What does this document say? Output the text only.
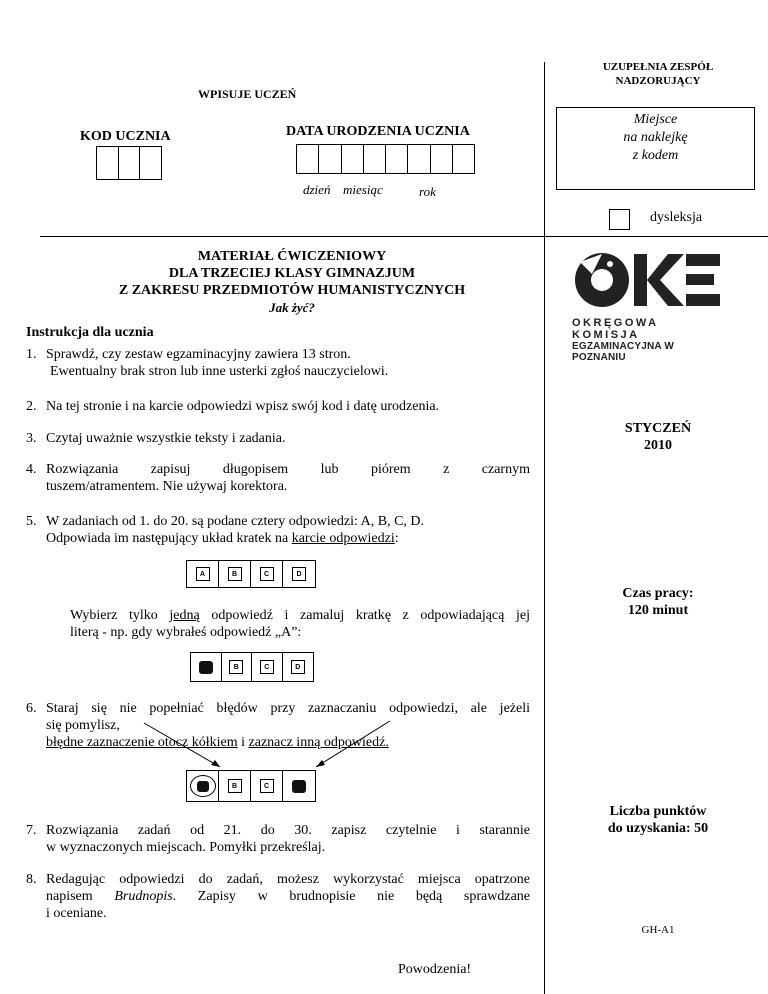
UZUPEŁNIA ZESPÓŁ
NADZORUJĄCY
Miejsce
na naklejkę
z kodem
WPISUJE UCZEŃ
KOD UCZNIA	DATA URODZENIA UCZNIA
dzień miesiąc	rok
dysleksja
MATERIAŁ ĆWICZENIOWY
DLA TRZECIEJ KLASY GIMNAZJUM
Z ZAKRESU PRZEDMIOTÓW HUMANISTYCZNYCH
Jak żyć?
OKRĘGOWA KOMISJA
EGZAMINACYJNA W POZNANIU
Instrukcja dla ucznia
1. Sprawdź, czy zestaw egzaminacyjny zawiera 13 stron.
Ewentualny brak stron lub inne usterki zgłoś nauczycielowi.
2. Na tej stronie i na karcie odpowiedzi wpisz swój kod i datę urodzenia.
3. Czytaj uważnie wszystkie teksty i zadania.
4. Rozwiązania zapisuj długopisem lub piórem z czarnym
tuszem/atramentem. Nie używaj korektora.
5. W zadaniach od 1. do 20. są podane cztery odpowiedzi: A, B, C, D.
Odpowiada im następujący układ kratek na karcie odpowiedzi:
A	B	C	D
Wybierz tylko jedną odpowiedź i zamaluj kratkę z odpowiadającą jej
literą - np. gdy wybrałeś odpowiedź „A”:
B	C	D
6. Staraj się nie popełniać błędów przy zaznaczaniu odpowiedzi, ale jeżeli
się pomylisz,
błędne zaznaczenie otocz kółkiem i zaznacz inną odpowiedź.
B	C
7. Rozwiązania zadań od 21. do 30. zapisz czytelnie i starannie
w wyznaczonych miejscach. Pomyłki przekreślaj.
8. Redagując odpowiedzi do zadań, możesz wykorzystać miejsca opatrzone
napisem Brudnopis. Zapisy w brudnopisie nie będą sprawdzane
i oceniane.
Powodzenia!
STYCZEŃ
2010
Czas pracy:
120 minut
Liczba punktów
do uzyskania: 50
GH-A1
